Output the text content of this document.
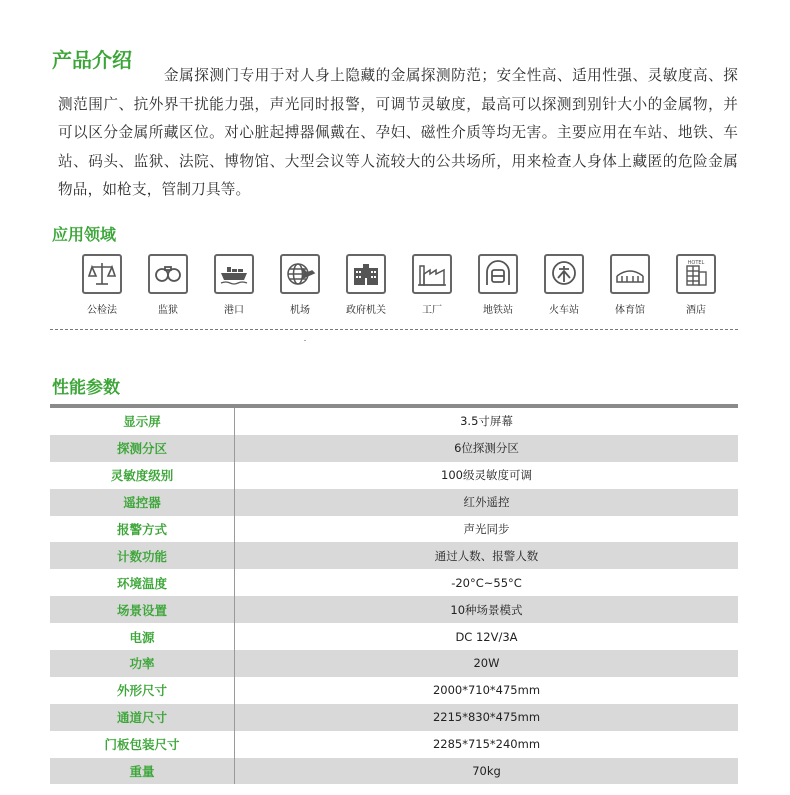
产品介绍

金属探测门专用于对人身上隐藏的金属探测防范；安全性高、适用性强、灵敏度高、探测范围广、抗外界干扰能力强，声光同时报警，可调节灵敏度，最高可以探测到别针大小的金属物，并可以区分金属所藏区位。对心脏起搏器佩戴在、孕妇、磁性介质等均无害。主要应用在车站、地铁、车站、码头、监狱、法院、博物馆、大型会议等人流较大的公共场所，用来检查人身体上藏匿的危险金属物品，如枪支，管制刀具等。

应用领域
公检法	监狱	港口	机场	政府机关	工厂	地铁站	火车站	体育馆
HOTEL
酒店
性能参数
显示屏	3.5寸屏幕
探测分区	6位探测分区
灵敏度级别	100级灵敏度可调
遥控器	红外遥控
报警方式	声光同步
计数功能	通过人数、报警人数
环境温度	-20°C~55°C
场景设置	10种场景模式
电源	DC 12V/3A
功率	20W
外形尺寸	2000*710*475mm
通道尺寸	2215*830*475mm
门板包装尺寸	2285*715*240mm
重量	70kg
